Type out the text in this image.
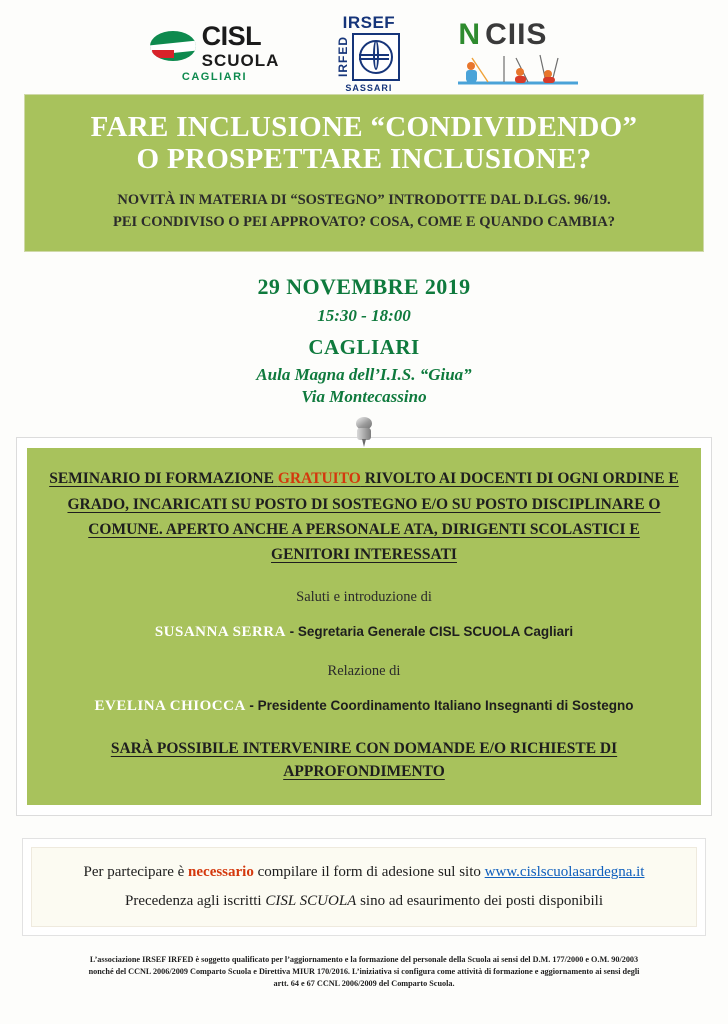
CISL
SCUOLA
CAGLIARI
IRSEF
IRFED
SASSARI
N CIIS
FARE INCLUSIONE “CONDIVIDENDO”
O PROSPETTARE INCLUSIONE?
NOVITÀ IN MATERIA DI “SOSTEGNO” INTRODOTTE DAL D.LGS. 96/19.
PEI CONDIVISO O PEI APPROVATO? COSA, COME E QUANDO CAMBIA?
29 NOVEMBRE 2019
15:30 - 18:00
CAGLIARI
Aula Magna dell’I.I.S. “Giua”
Via Montecassino
SEMINARIO DI FORMAZIONE GRATUITO RIVOLTO AI DOCENTI DI OGNI ORDINE E GRADO, INCARICATI SU POSTO DI SOSTEGNO E/O SU POSTO DISCIPLINARE O COMUNE. APERTO ANCHE A PERSONALE ATA, DIRIGENTI SCOLASTICI E GENITORI INTERESSATI
Saluti e introduzione di
SUSANNA SERRA - Segretaria Generale CISL SCUOLA Cagliari
Relazione di
EVELINA CHIOCCA - Presidente Coordinamento Italiano Insegnanti di Sostegno
SARÀ POSSIBILE INTERVENIRE CON DOMANDE E/O RICHIESTE DI
APPROFONDIMENTO
Per partecipare è necessario compilare il form di adesione sul sito www.cislscuolasardegna.it
Precedenza agli iscritti CISL SCUOLA sino ad esaurimento dei posti disponibili
L’associazione IRSEF IRFED è soggetto qualificato per l’aggiornamento e la formazione del personale della Scuola ai sensi del D.M. 177/2000 e O.M. 90/2003
nonché del CCNL 2006/2009 Comparto Scuola e Direttiva MIUR 170/2016. L’iniziativa si configura come attività di formazione e aggiornamento ai sensi degli
artt. 64 e 67 CCNL 2006/2009 del Comparto Scuola.
